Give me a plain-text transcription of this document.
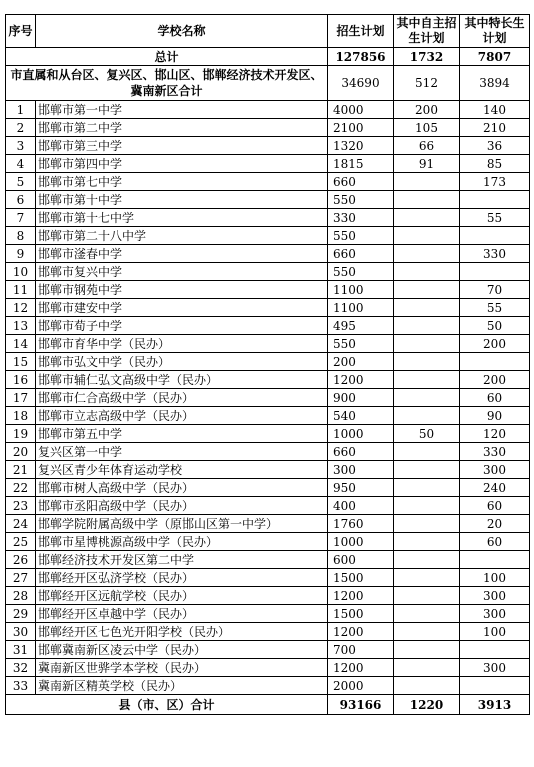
序号	学校名称	招生计划	其中自主招生计划	其中特长生计划
总计		127856	1732	7807
市直属和从台区、复兴区、邯山区、邯郸经济技术开发区、冀南新区合计		34690	512	3894
1	邯郸市第一中学	4000	200	140
2	邯郸市第二中学	2100	105	210
3	邯郸市第三中学	1320	66	36
4	邯郸市第四中学	1815	91	85
5	邯郸市第七中学	660		173
6	邯郸市第十中学	550		
7	邯郸市第十七中学	330		55
8	邯郸市第二十八中学	550		
9	邯郸市滏春中学	660		330
10	邯郸市复兴中学	550		
11	邯郸市钢苑中学	1100		70
12	邯郸市建安中学	1100		55
13	邯郸市荀子中学	495		50
14	邯郸市育华中学（民办）	550		200
15	邯郸市弘文中学（民办）	200		
16	邯郸市辅仁弘文高级中学（民办）	1200		200
17	邯郸市仁合高级中学（民办）	900		60
18	邯郸市立志高级中学（民办）	540		90
19	邯郸市第五中学	1000	50	120
20	复兴区第一中学	660		330
21	复兴区青少年体育运动学校	300		300
22	邯郸市树人高级中学（民办）	950		240
23	邯郸市丞阳高级中学（民办）	400		60
24	邯郸学院附属高级中学（原邯山区第一中学）	1760		20
25	邯郸市星博桃源高级中学（民办）	1000		60
26	邯郸经济技术开发区第二中学	600		
27	邯郸经开区弘济学校（民办）	1500		100
28	邯郸经开区远航学校（民办）	1200		300
29	邯郸经开区卓越中学（民办）	1500		300
30	邯郸经开区七色光开阳学校（民办）	1200		100
31	邯郸冀南新区凌云中学（民办）	700		
32	冀南新区世骅学本学校（民办）	1200		300
33	冀南新区精英学校（民办）	2000		
县（市、区）合计		93166	1220	3913
